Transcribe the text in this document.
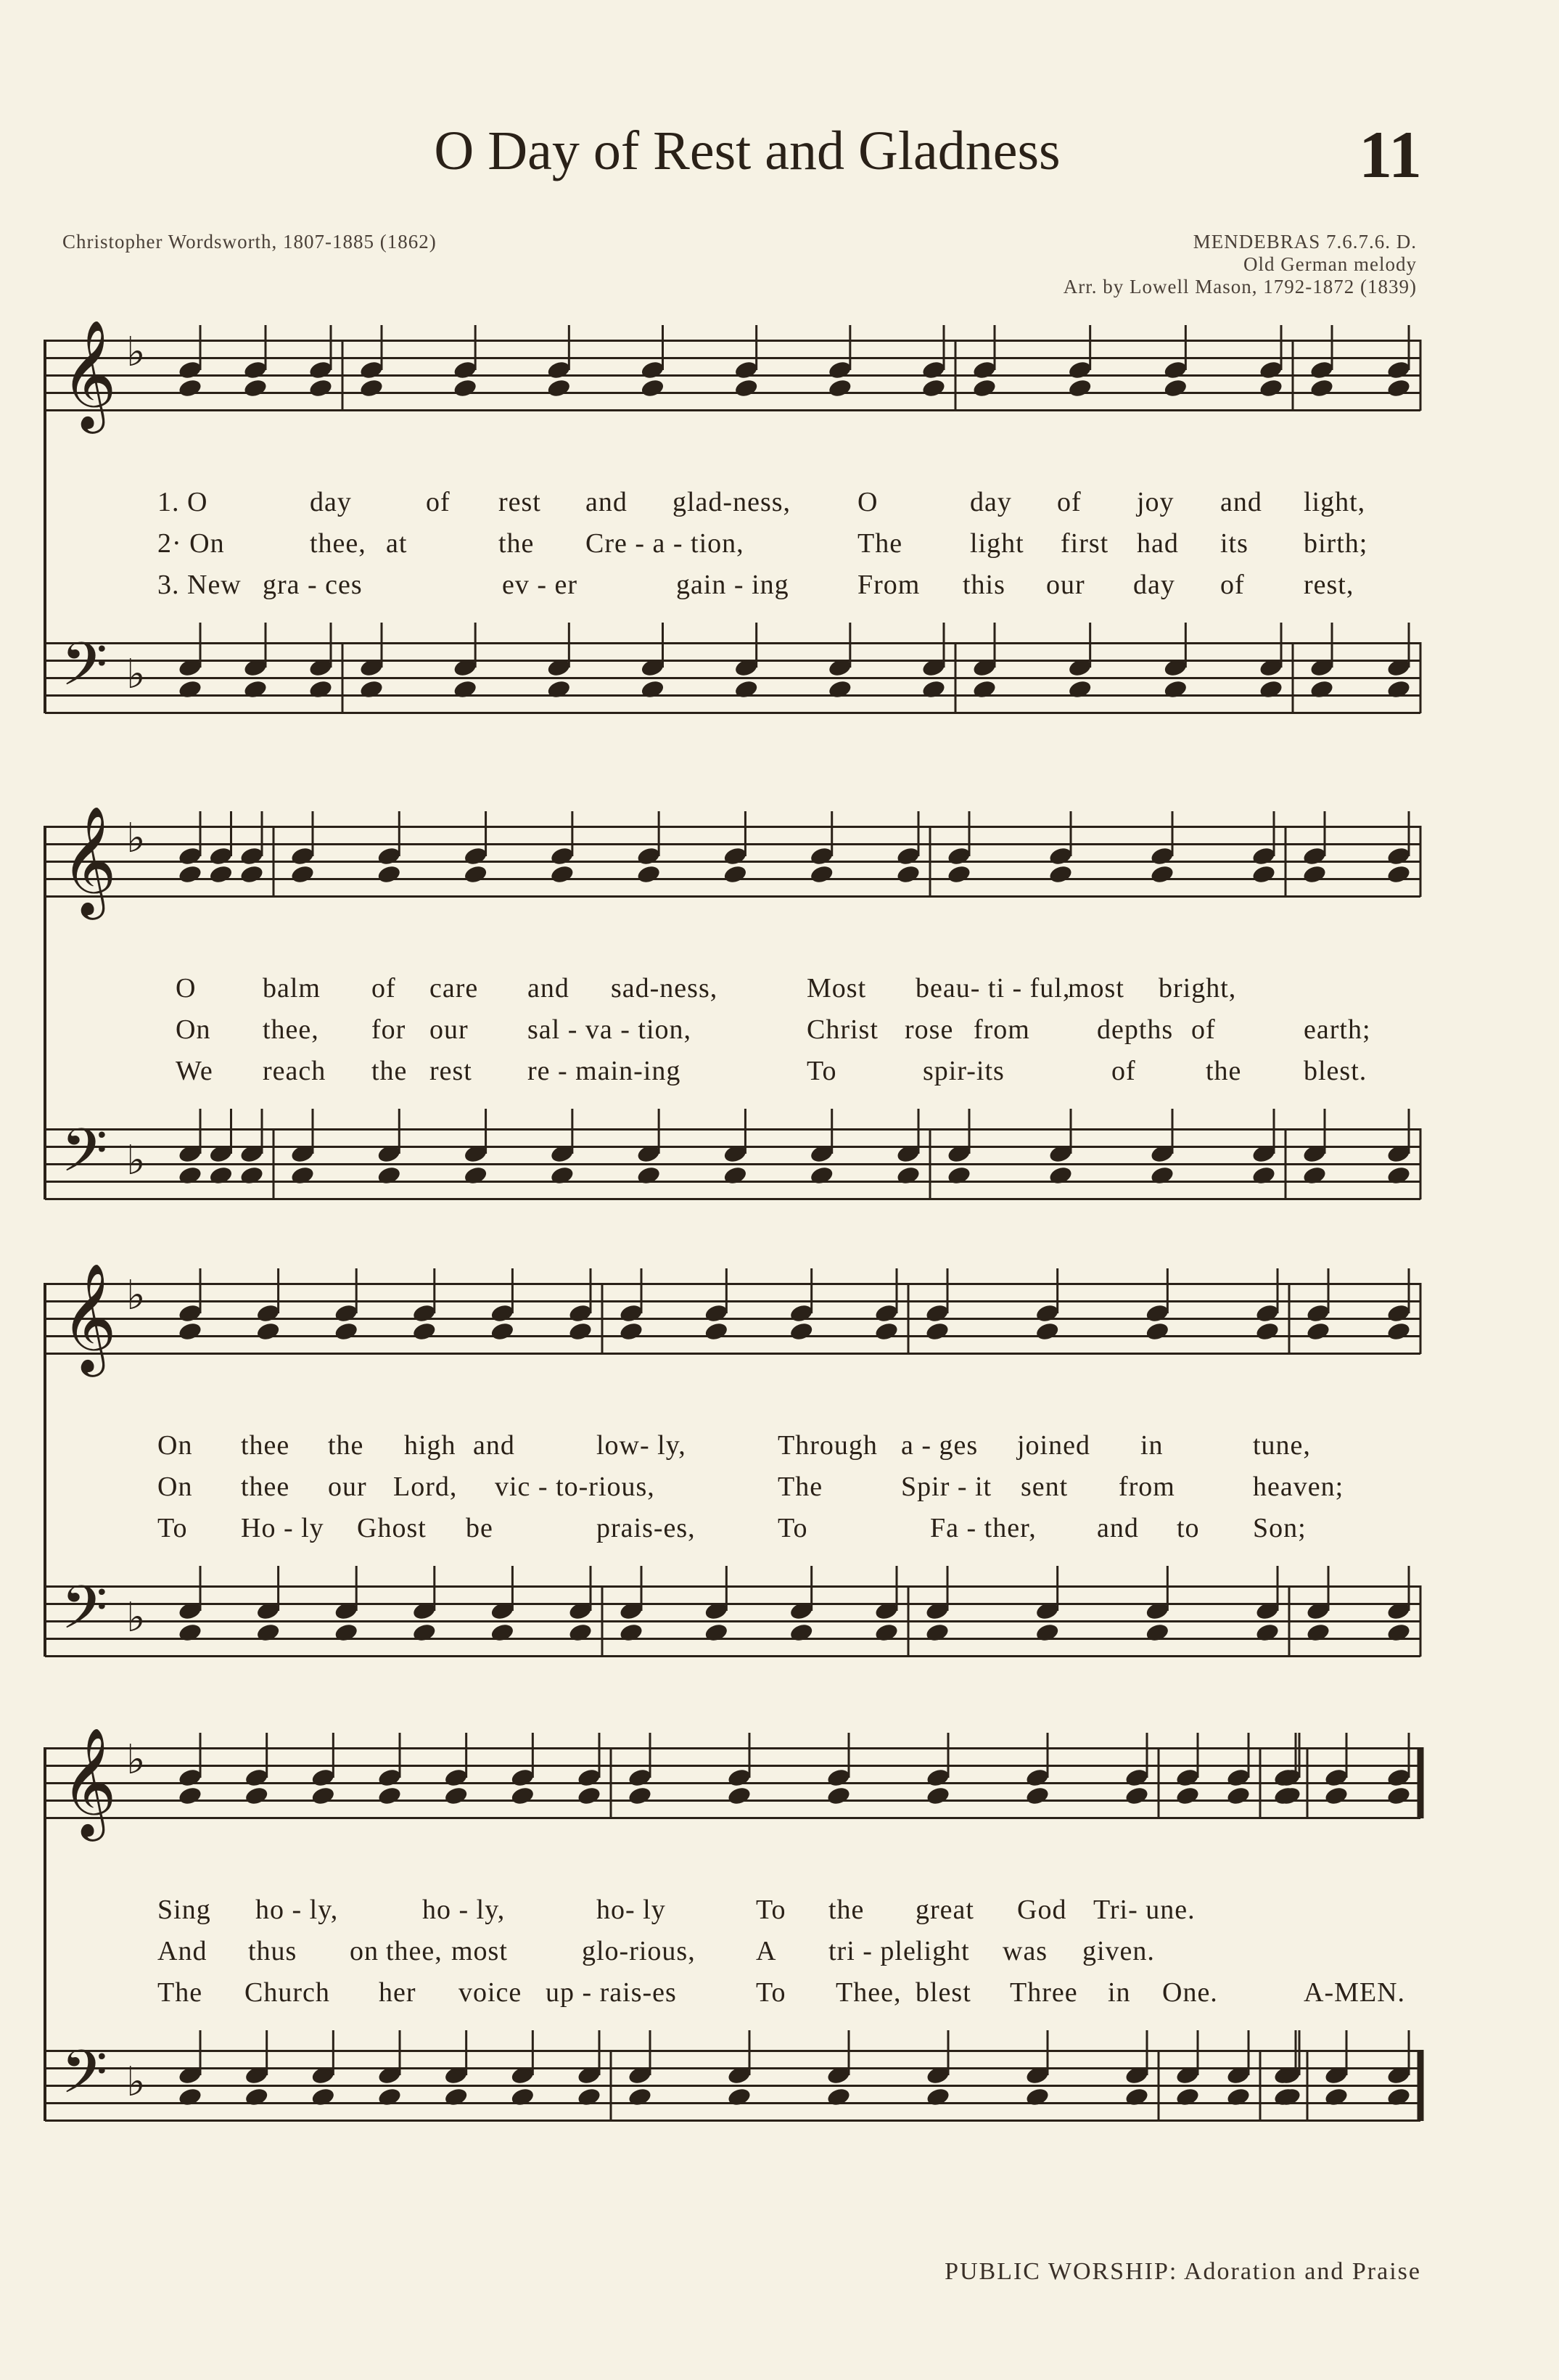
O Day of Rest and Gladness	11
Christopher Wordsworth, 1807-1885 (1862)	MENDEBRAS 7.6.7.6. D.
Old German melody
Arr. by Lowell Mason, 1792-1872 (1839)
𝄞
𝄢
♭
♭
1. O	day	of rest and glad-ness, O	day of joy and light,
2· On	thee, at	the Cre - a - tion,	The light first had its birth;
3. New gra - ces	ev - er	gain - ing From this our day of rest,
𝄞
𝄢
♭
♭
O balm of care and sad-ness,	Most beau- ti - ful,
most bright,
On thee, for our sal - va - tion,	Christ rose from depths of	earth;
We reach the rest re - main-ing	To	spir-its	of	the blest.
𝄞
𝄢
♭
♭
On thee the high and	low- ly,	Through a - ges joined in	tune,
On thee our Lord, vic - to-rious,	The	Spir - it sent from	heaven;
To Ho - ly Ghost be	prais-es,	To	Fa - ther, and to Son;
𝄞
𝄢
♭
♭
Sing ho - ly,	ho - ly,	ho- ly	To the great God Tri- une.
And thus on thee, most	glo-rious, A tri - ple light was given.
The Church her voice up - rais-es	To Thee, blest Three in One.	A-MEN.
PUBLIC WORSHIP: Adoration and Praise
